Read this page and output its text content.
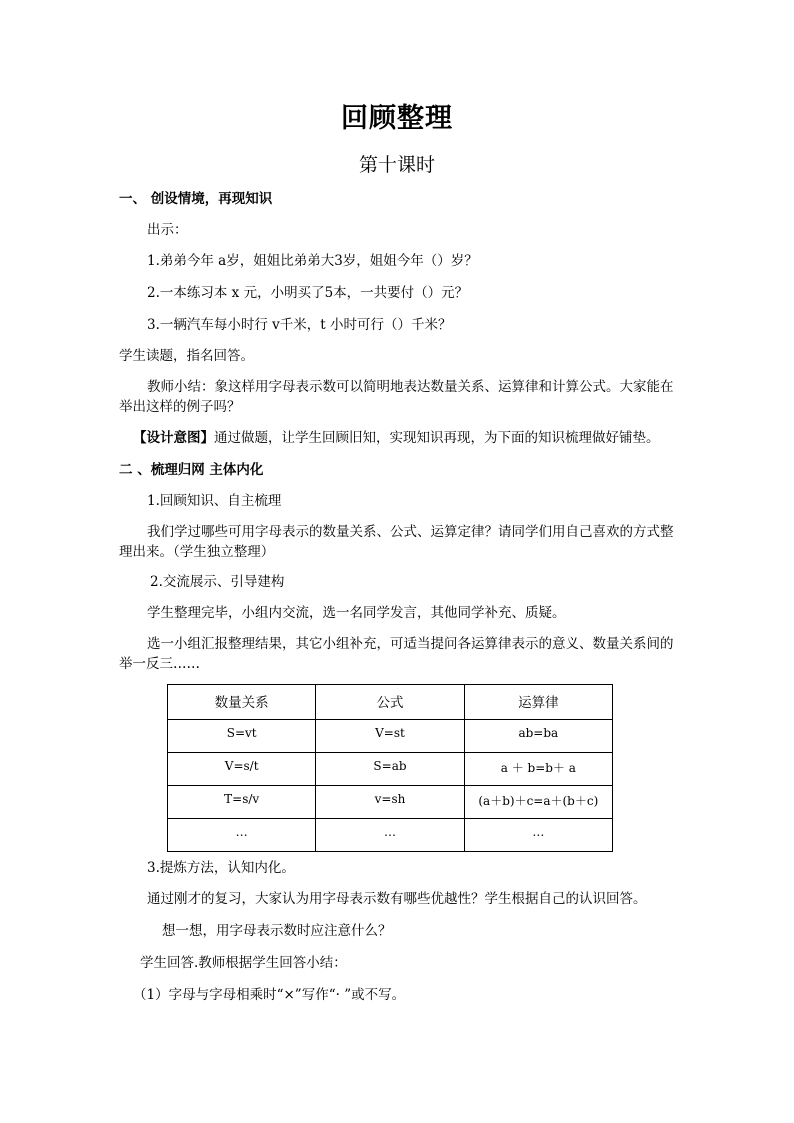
回顾整理
第十课时
一、 创设情境，再现知识
出示：
1.弟弟今年 a岁，姐姐比弟弟大3岁，姐姐今年（）岁？
2.一本练习本 x 元，小明买了5本，一共要付（）元？
3.一辆汽车每小时行 v千米，t 小时可行（）千米？
学生读题，指名回答。
教师小结：象这样用字母表示数可以简明地表达数量关系、运算律和计算公式。大家能在举出这样的例子吗？
【设计意图】通过做题，让学生回顾旧知，实现知识再现，为下面的知识梳理做好铺垫。
二 、梳理归网 主体内化
1.回顾知识、自主梳理
我们学过哪些可用字母表示的数量关系、公式、运算定律？请同学们用自己喜欢的方式整理出来。（学生独立整理）
2.交流展示、引导建构
学生整理完毕，小组内交流，选一名同学发言，其他同学补充、质疑。
选一小组汇报整理结果，其它小组补充，可适当提问各运算律表示的意义、数量关系间的举一反三……
数量关系	公式	运算律
S=vt	V=st	ab=ba
V=s/t	S=ab	a ＋ b=b＋ a
T=s/v	v=sh	(a＋b)＋c=a＋(b＋c)
…	…	…
3.提炼方法，认知内化。
通过刚才的复习，大家认为用字母表示数有哪些优越性？学生根据自己的认识回答。
想一想，用字母表示数时应注意什么？
学生回答.教师根据学生回答小结：
（1）字母与字母相乘时“×”写作“· ”或不写。
